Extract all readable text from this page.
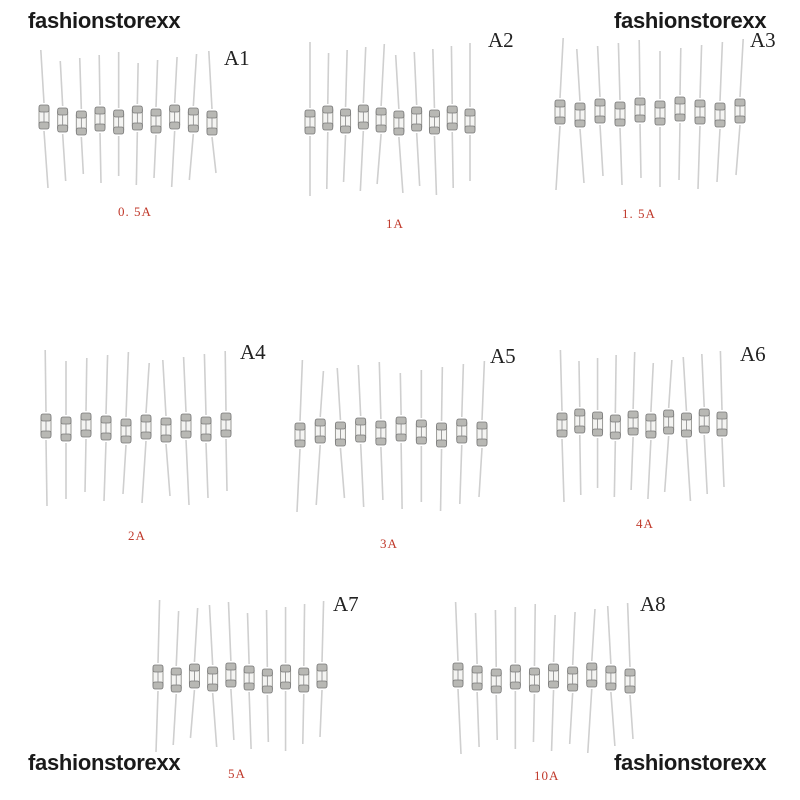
fashionstorexx	fashionstorexx
fashionstorexx	fashionstorexx
A1
A2	A3
A4	A5	A6
A7	A8
0. 5A
1A
1. 5A
2A
3A
4A
5A	10A
